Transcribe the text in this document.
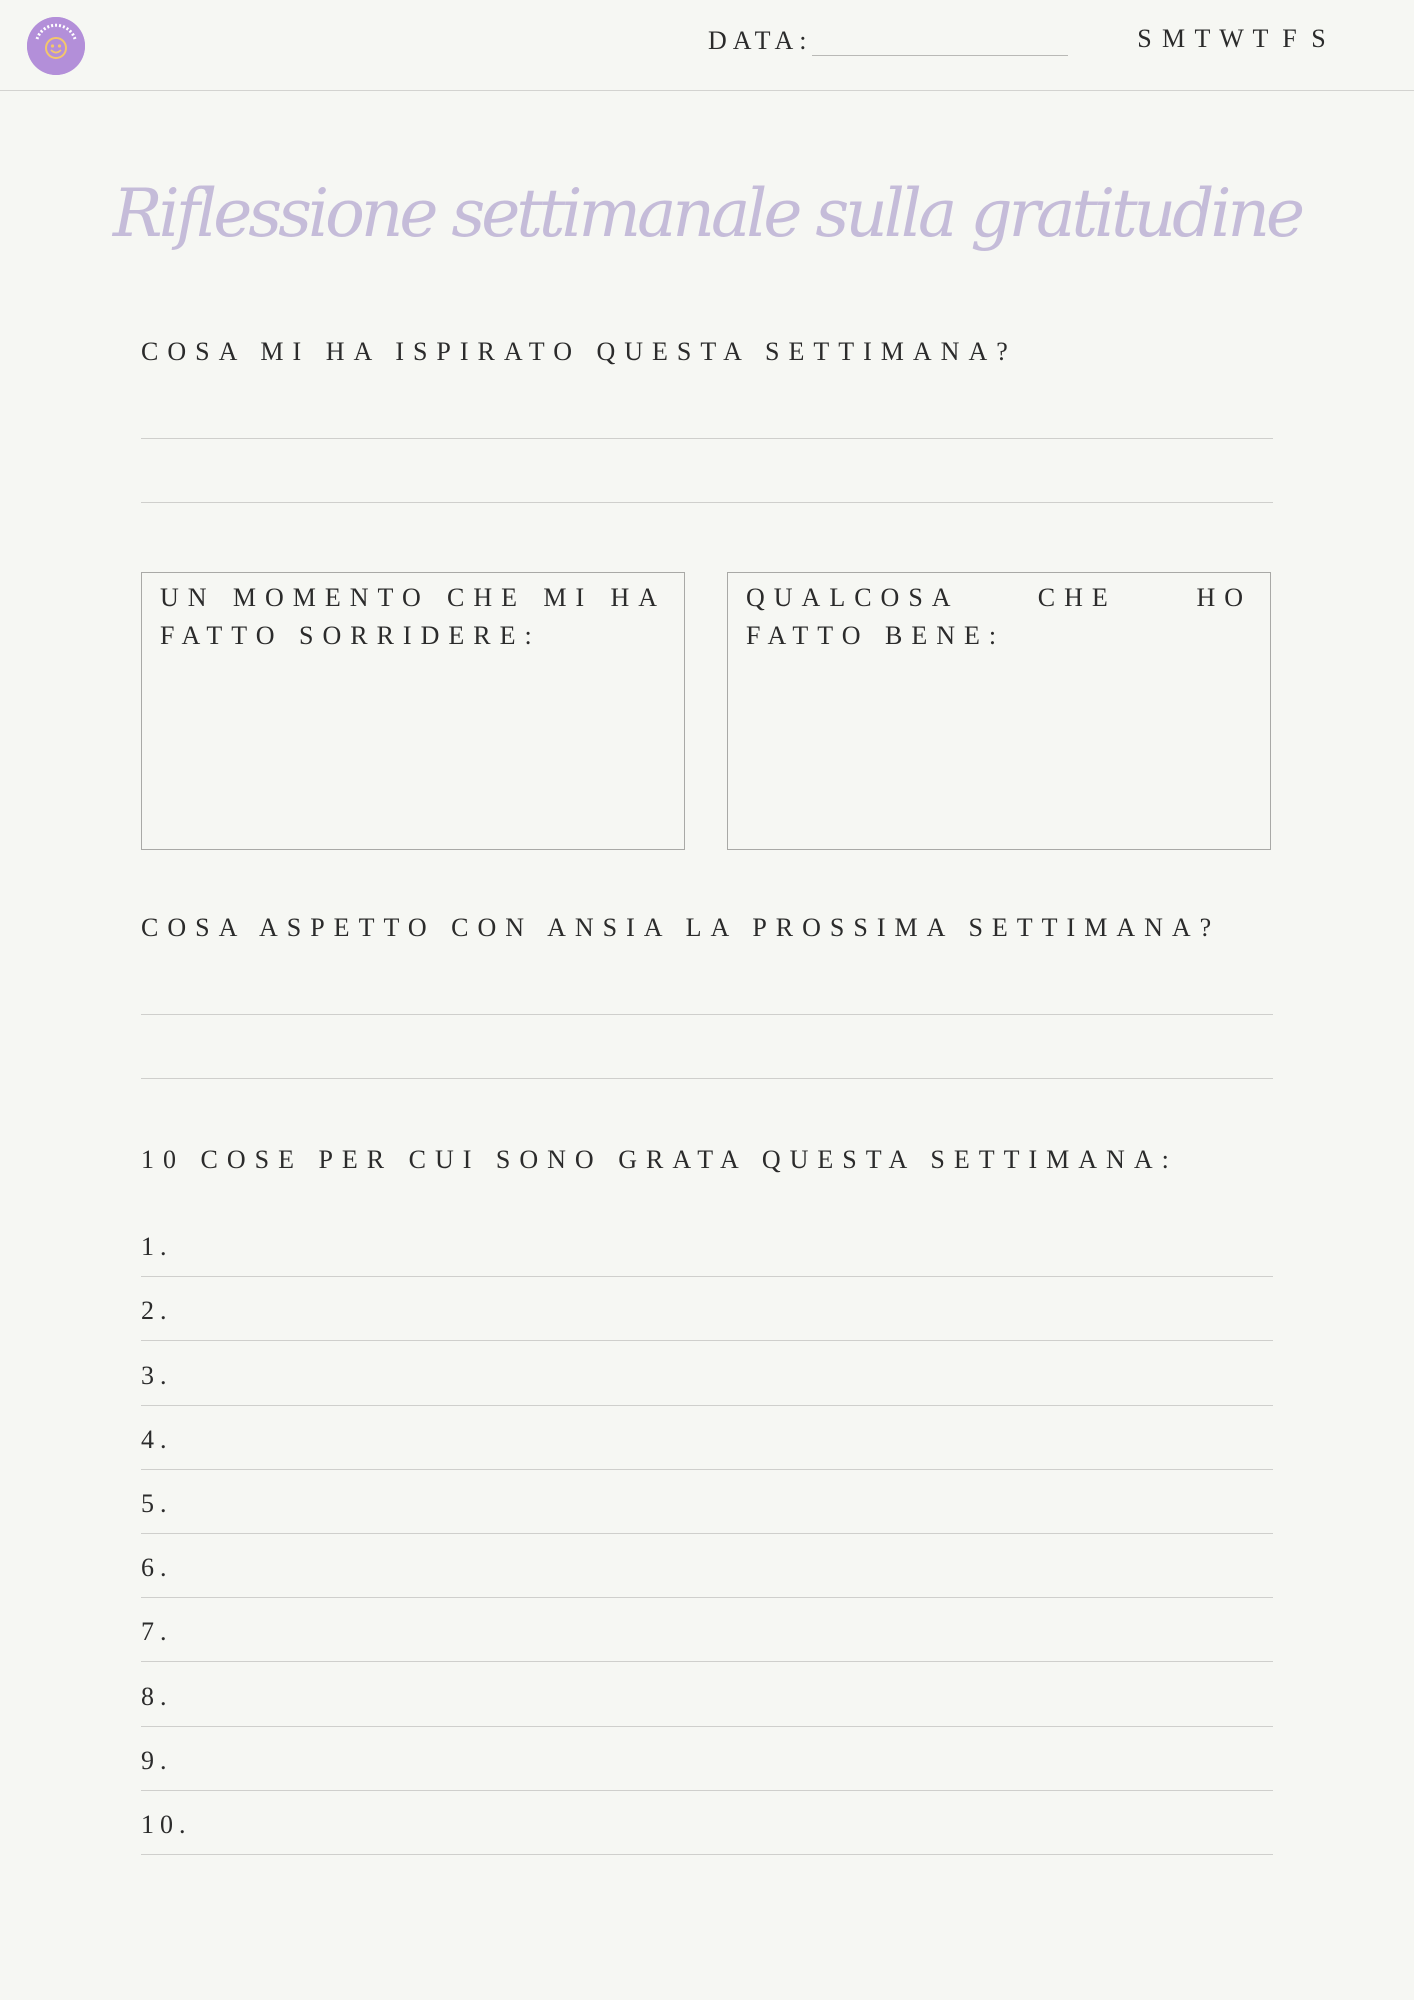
DATA:	S M T W T F S
Riflessione settimanale sulla gratitudine
COSA MI HA ISPIRATO QUESTA SETTIMANA?
UN MOMENTO CHE MI HA FATTO SORRIDERE:
QUALCOSA CHE HO FATTO BENE:
COSA ASPETTO CON ANSIA LA PROSSIMA SETTIMANA?
10 COSE PER CUI SONO GRATA QUESTA SETTIMANA:
1.
2.
3.
4.
5.
6.
7.
8.
9.
10.
